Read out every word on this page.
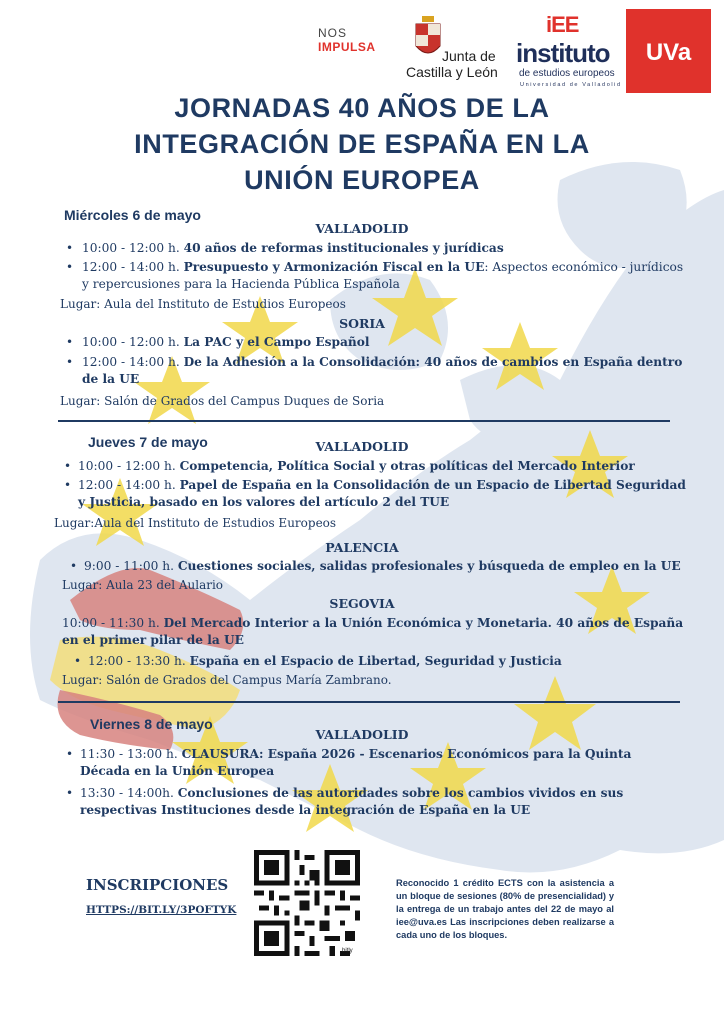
NOS
IMPULSA
Junta de
Castilla y León
iEE
instituto
de estudios europeos
Universidad de Valladolid
UVa
JORNADAS 40 AÑOS DE LA
INTEGRACIÓN DE ESPAÑA EN LA
UNIÓN EUROPEA
Miércoles 6 de mayo
VALLADOLID
• 10:00 - 12:00 h. 40 años de reformas institucionales y jurídicas
• 12:00 - 14:00 h. Presupuesto y Armonización Fiscal en la UE: Aspectos económico - jurídicos
y repercusiones para la Hacienda Pública Española
Lugar: Aula del Instituto de Estudios Europeos
SORIA
• 10:00 - 12:00 h. La PAC y el Campo Español
• 12:00 - 14:00 h. De la Adhesión a la Consolidación: 40 años de cambios en España dentro
de la UE
Lugar: Salón de Grados del Campus Duques de Soria
Jueves 7 de mayo	VALLADOLID
• 10:00 - 12:00 h. Competencia, Política Social y otras políticas del Mercado Interior
• 12:00 - 14:00 h. Papel de España en la Consolidación de un Espacio de Libertad Seguridad
y Justicia, basado en los valores del artículo 2 del TUE
Lugar:Aula del Instituto de Estudios Europeos
PALENCIA
• 9:00 - 11:00 h. Cuestiones sociales, salidas profesionales y búsqueda de empleo en la UE
Lugar: Aula 23 del Aulario
SEGOVIA
10:00 - 11:30 h. Del Mercado Interior a la Unión Económica y Monetaria. 40 años de España
en el primer pilar de la UE
• 12:00 - 13:30 h. España en el Espacio de Libertad, Seguridad y Justicia
Lugar: Salón de Grados del Campus María Zambrano.
Viernes 8 de mayo
VALLADOLID
• 11:30 - 13:00 h. CLAUSURA: España 2026 - Escenarios Económicos para la Quinta
Década en la Unión Europea
• 13:30 - 14:00h. Conclusiones de las autoridades sobre los cambios vividos en sus
respectivas Instituciones desde la integración de España en la UE
INSCRIPCIONES
HTTPS://BIT.LY/3POFTYK
bitly
Reconocido 1 crédito ECTS con la asistencia a un bloque de sesiones (80% de presencialidad) y la entrega de un trabajo antes del 22 de mayo al iee@uva.es Las inscripciones deben realizarse a cada uno de los bloques.
